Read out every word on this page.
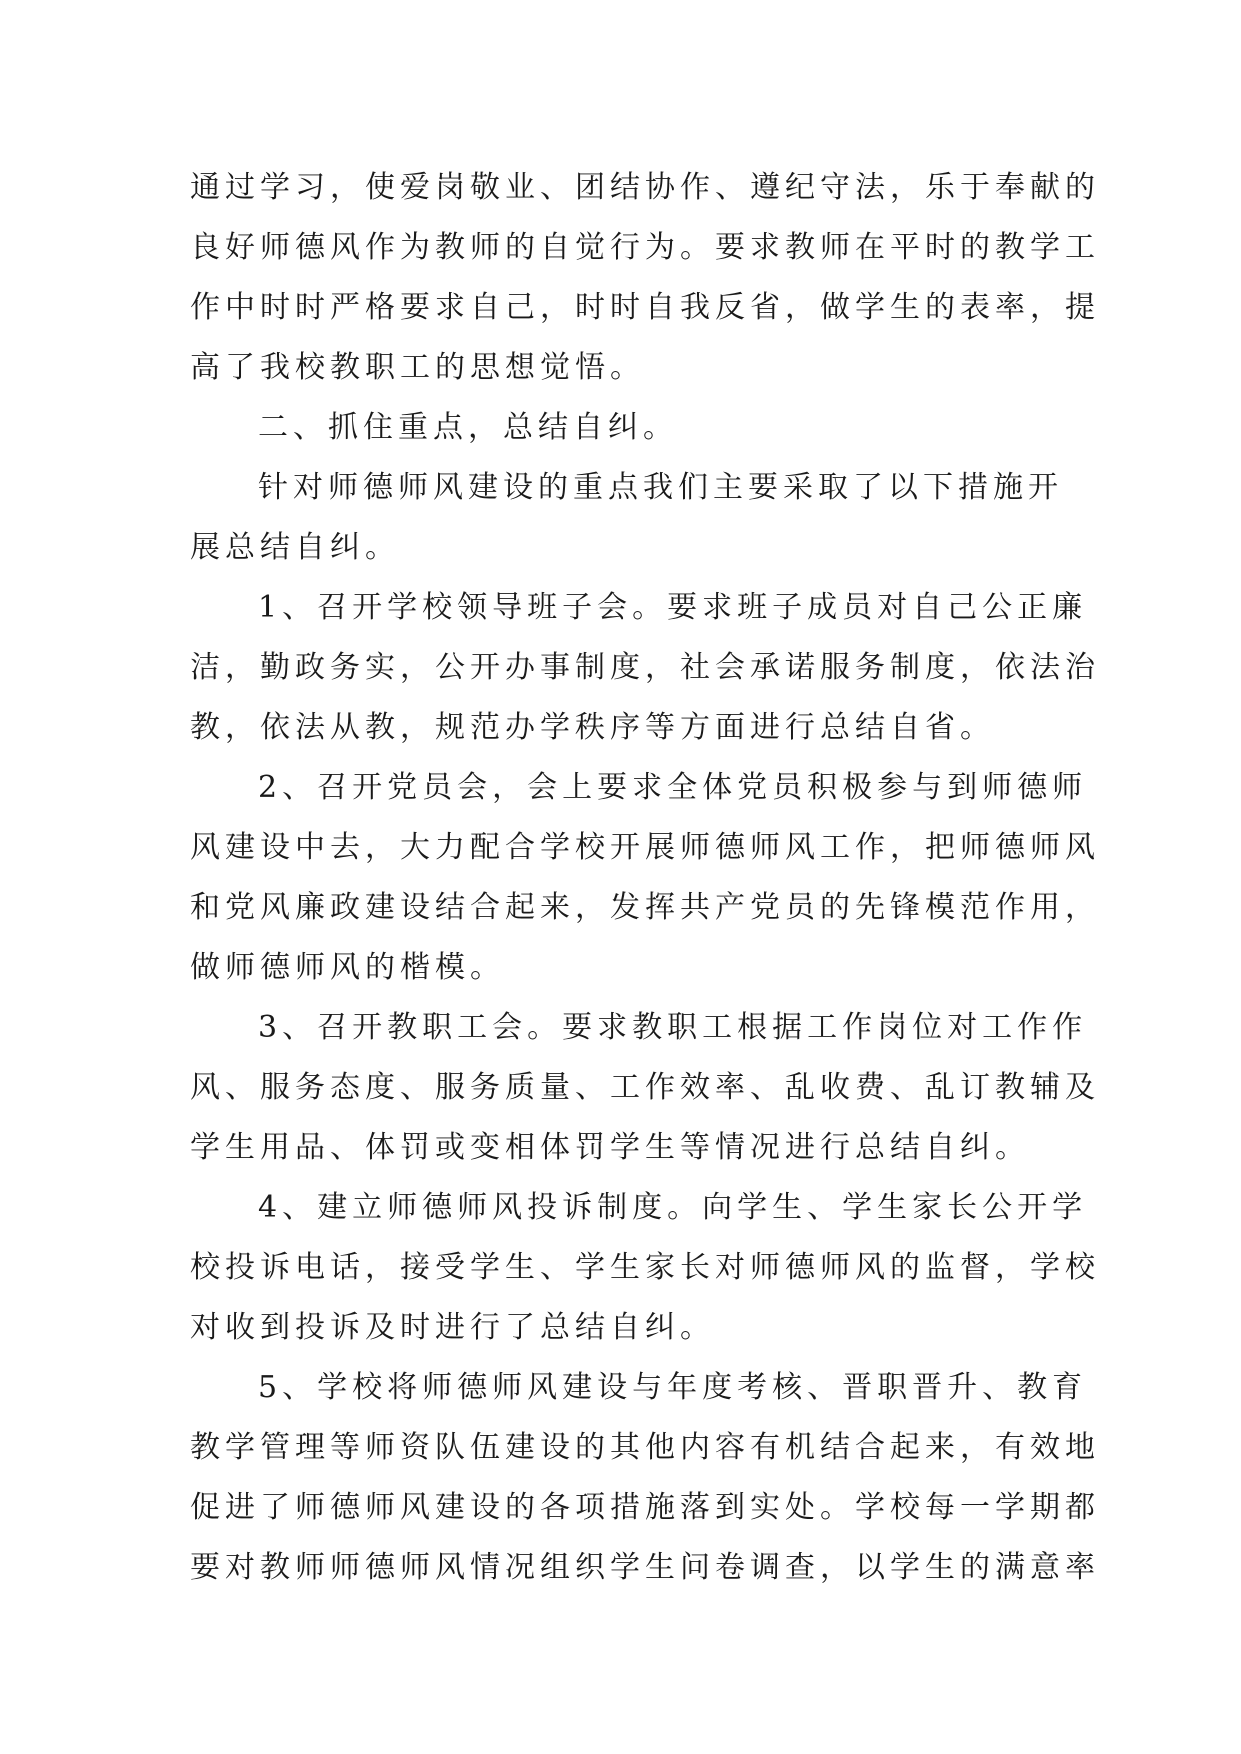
通过学习，使爱岗敬业、团结协作、遵纪守法，乐于奉献的
良好师德风作为教师的自觉行为。要求教师在平时的教学工
作中时时严格要求自己，时时自我反省，做学生的表率，提
高了我校教职工的思想觉悟。
二、抓住重点，总结自纠。
针对师德师风建设的重点我们主要采取了以下措施开
展总结自纠。
1、召开学校领导班子会。要求班子成员对自己公正廉
洁，勤政务实，公开办事制度，社会承诺服务制度，依法治
教，依法从教，规范办学秩序等方面进行总结自省。
2、召开党员会，会上要求全体党员积极参与到师德师
风建设中去，大力配合学校开展师德师风工作，把师德师风
和党风廉政建设结合起来，发挥共产党员的先锋模范作用，
做师德师风的楷模。
3、召开教职工会。要求教职工根据工作岗位对工作作
风、服务态度、服务质量、工作效率、乱收费、乱订教辅及
学生用品、体罚或变相体罚学生等情况进行总结自纠。
4、建立师德师风投诉制度。向学生、学生家长公开学
校投诉电话，接受学生、学生家长对师德师风的监督，学校
对收到投诉及时进行了总结自纠。
5、学校将师德师风建设与年度考核、晋职晋升、教育
教学管理等师资队伍建设的其他内容有机结合起来，有效地
促进了师德师风建设的各项措施落到实处。学校每一学期都
要对教师师德师风情况组织学生问卷调查，以学生的满意率
